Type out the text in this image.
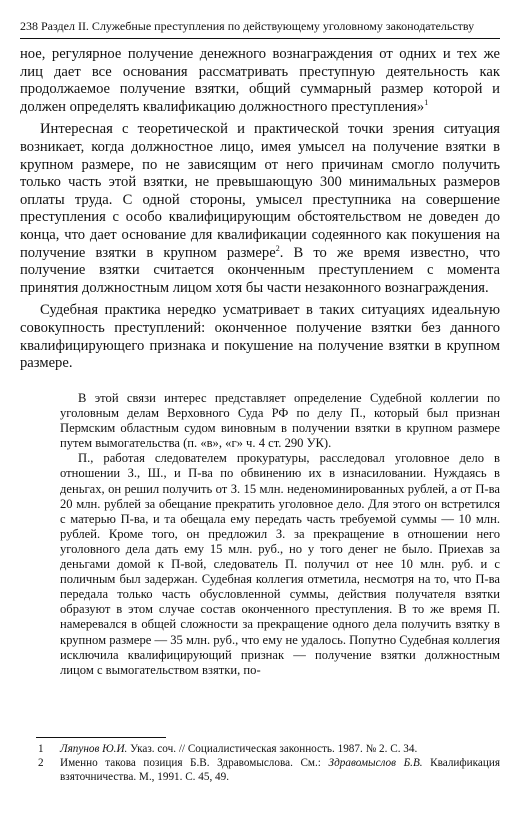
238 Раздел II. Служебные преступления по действующему уголовному законодательству

ное, регулярное получение денежного вознаграждения от одних и тех же лиц дает все основания рассматривать преступную деятельность как продолжаемое получение взятки, общий суммарный размер которой и должен определять квалификацию должностного преступления»$^1$

Интересная с теоретической и практической точки зрения ситуация возникает, когда должностное лицо, имея умысел на получение взятки в крупном размере, по не зависящим от него причинам смогло получить только часть этой взятки, не превышающую 300 минимальных размеров оплаты труда. С одной стороны, умысел преступника на совершение преступления с особо квалифицирующим обстоятельством не доведен до конца, что дает основание для квалификации содеянного как покушения на получение взятки в крупном размере$^2$. В то же время известно, что получение взятки считается оконченным преступлением с момента принятия должностным лицом хотя бы части незаконного вознаграждения.

Судебная практика нередко усматривает в таких ситуациях идеальную совокупность преступлений: оконченное получение взятки без данного квалифицирующего признака и покушение на получение взятки в крупном размере.

В этой связи интерес представляет определение Судебной коллегии по уголовным делам Верховного Суда РФ по делу П., который был признан Пермским областным судом виновным в получении взятки в крупном размере путем вымогательства (п. «в», «г» ч. 4 ст. 290 УК).

П., работая следователем прокуратуры, расследовал уголовное дело в отношении З., Ш., и П-ва по обвинению их в изнасиловании. Нуждаясь в деньгах, он решил получить от З. 15 млн. неденоминированных рублей, а от П-ва 20 млн. рублей за обещание прекратить уголовное дело. Для этого он встретился с матерью П-ва, и та обещала ему передать часть требуемой суммы — 10 млн. рублей. Кроме того, он предложил З. за прекращение в отношении него уголовного дела дать ему 15 млн. руб., но у того денег не было. Приехав за деньгами домой к П-вой, следователь П. получил от нее 10 млн. руб. и с поличным был задержан. Судебная коллегия отметила, несмотря на то, что П-ва передала только часть обусловленной суммы, действия получателя взятки образуют в этом случае состав оконченного преступления. В то же время П. намеревался в общей сложности за прекращение одного дела получить взятку в крупном размере — 35 млн. руб., что ему не удалось. Попутно Судебная коллегия исключила квалифицирующий признак — получение взятки должностным лицом с вымогательством взятки, по-

1 Ляпунов Ю.И. Указ. соч. // Социалистическая законность. 1987. № 2. С. 34.

2 Именно такова позиция Б.В. Здравомыслова. См.: Здравомыслов Б.В. Квалификация взяточничества. М., 1991. С. 45, 49.
